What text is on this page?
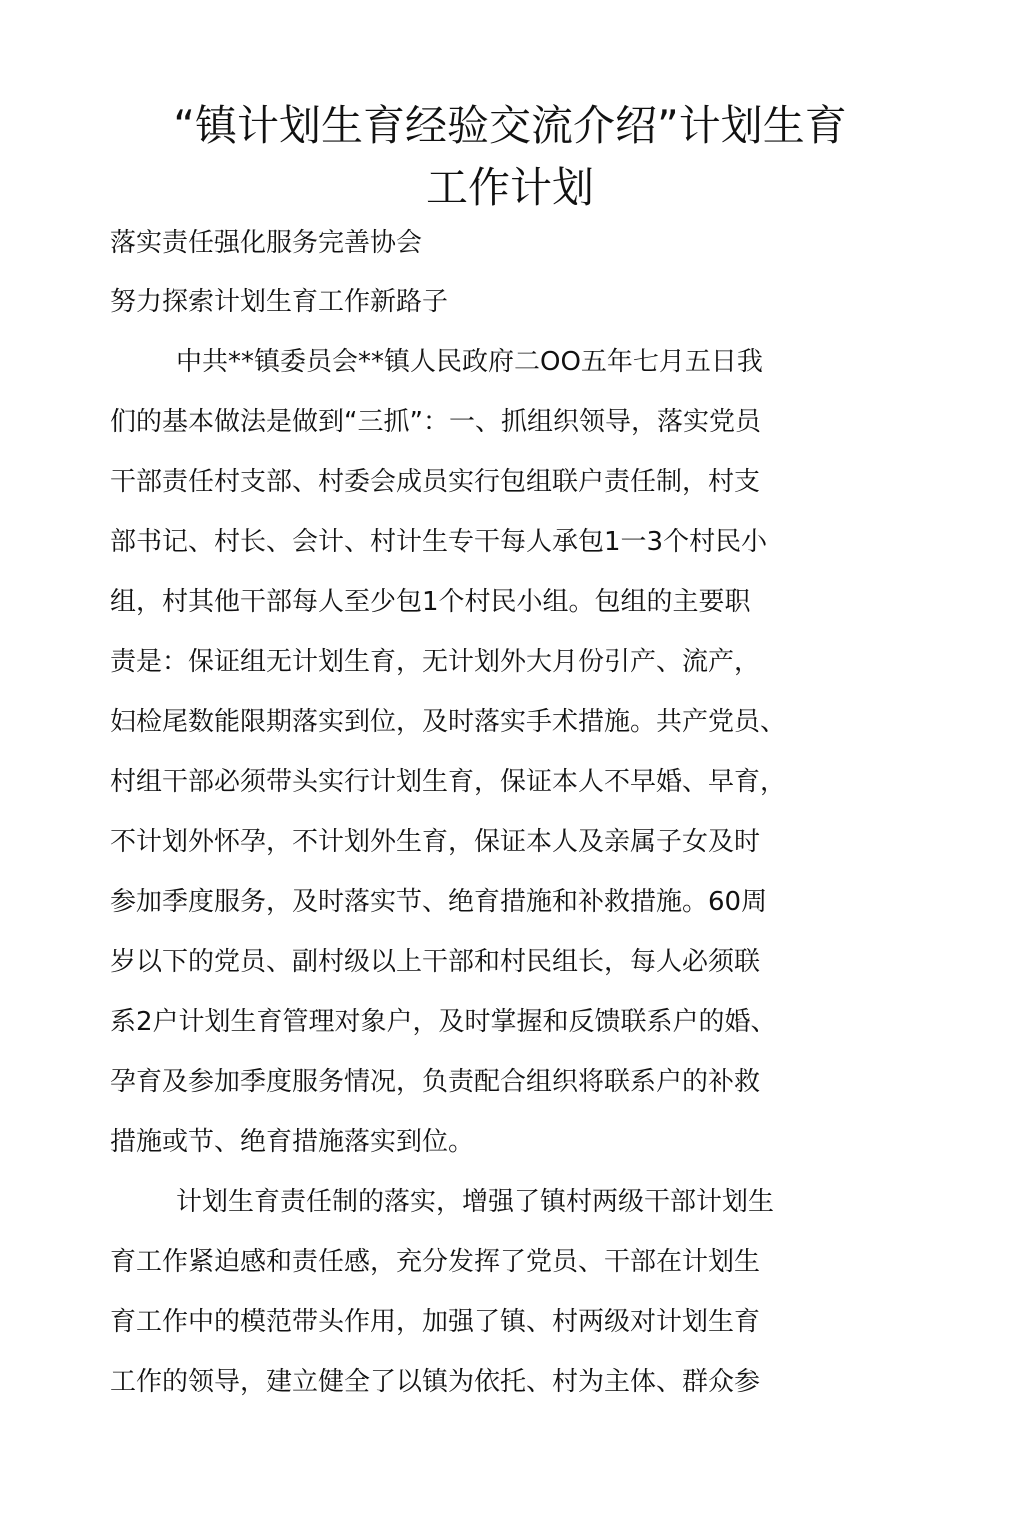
“镇计划生育经验交流介绍”计划生育
工作计划
落实责任强化服务完善协会
努力探索计划生育工作新路子
中共**镇委员会**镇人民政府二OO五年七月五日我
们的基本做法是做到“三抓”：一、抓组织领导，落实党员
干部责任村支部、村委会成员实行包组联户责任制，村支
部书记、村长、会计、村计生专干每人承包1一3个村民小
组，村其他干部每人至少包1个村民小组。包组的主要职
责是：保证组无计划生育，无计划外大月份引产、流产，
妇检尾数能限期落实到位，及时落实手术措施。共产党员、
村组干部必须带头实行计划生育，保证本人不早婚、早育，
不计划外怀孕，不计划外生育，保证本人及亲属子女及时
参加季度服务，及时落实节、绝育措施和补救措施。60周
岁以下的党员、副村级以上干部和村民组长，每人必须联
系2户计划生育管理对象户，及时掌握和反馈联系户的婚、
孕育及参加季度服务情况，负责配合组织将联系户的补救
措施或节、绝育措施落实到位。
计划生育责任制的落实，增强了镇村两级干部计划生
育工作紧迫感和责任感，充分发挥了党员、干部在计划生
育工作中的模范带头作用，加强了镇、村两级对计划生育
工作的领导，建立健全了以镇为依托、村为主体、群众参
